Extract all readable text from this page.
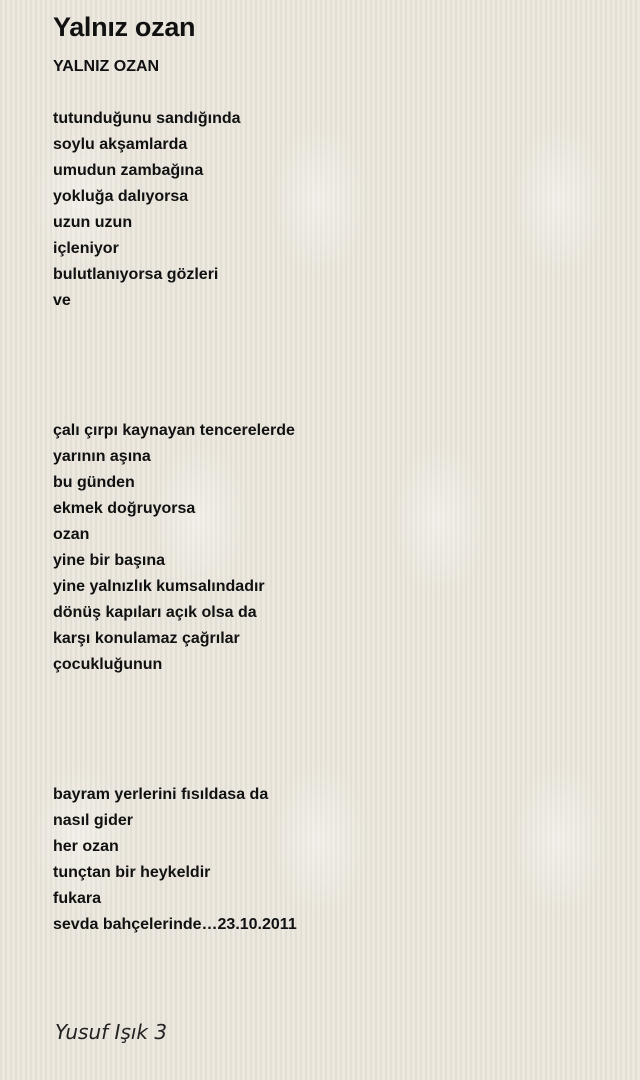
Yalnız ozan
YALNIZ OZAN
tutunduğunu sandığında
soylu akşamlarda
umudun zambağına
yokluğa dalıyorsa
uzun uzun
içleniyor
bulutlanıyorsa gözleri
ve
çalı çırpı kaynayan tencerelerde
yarının aşına
bu günden
ekmek doğruyorsa
ozan
yine bir başına
yine yalnızlık kumsalındadır
dönüş kapıları açık olsa da
karşı konulamaz çağrılar
çocukluğunun
bayram yerlerini fısıldasa da
nasıl gider
her ozan
tunçtan bir heykeldir
fukara
sevda bahçelerinde…23.10.2011
Yusuf Işık 3
